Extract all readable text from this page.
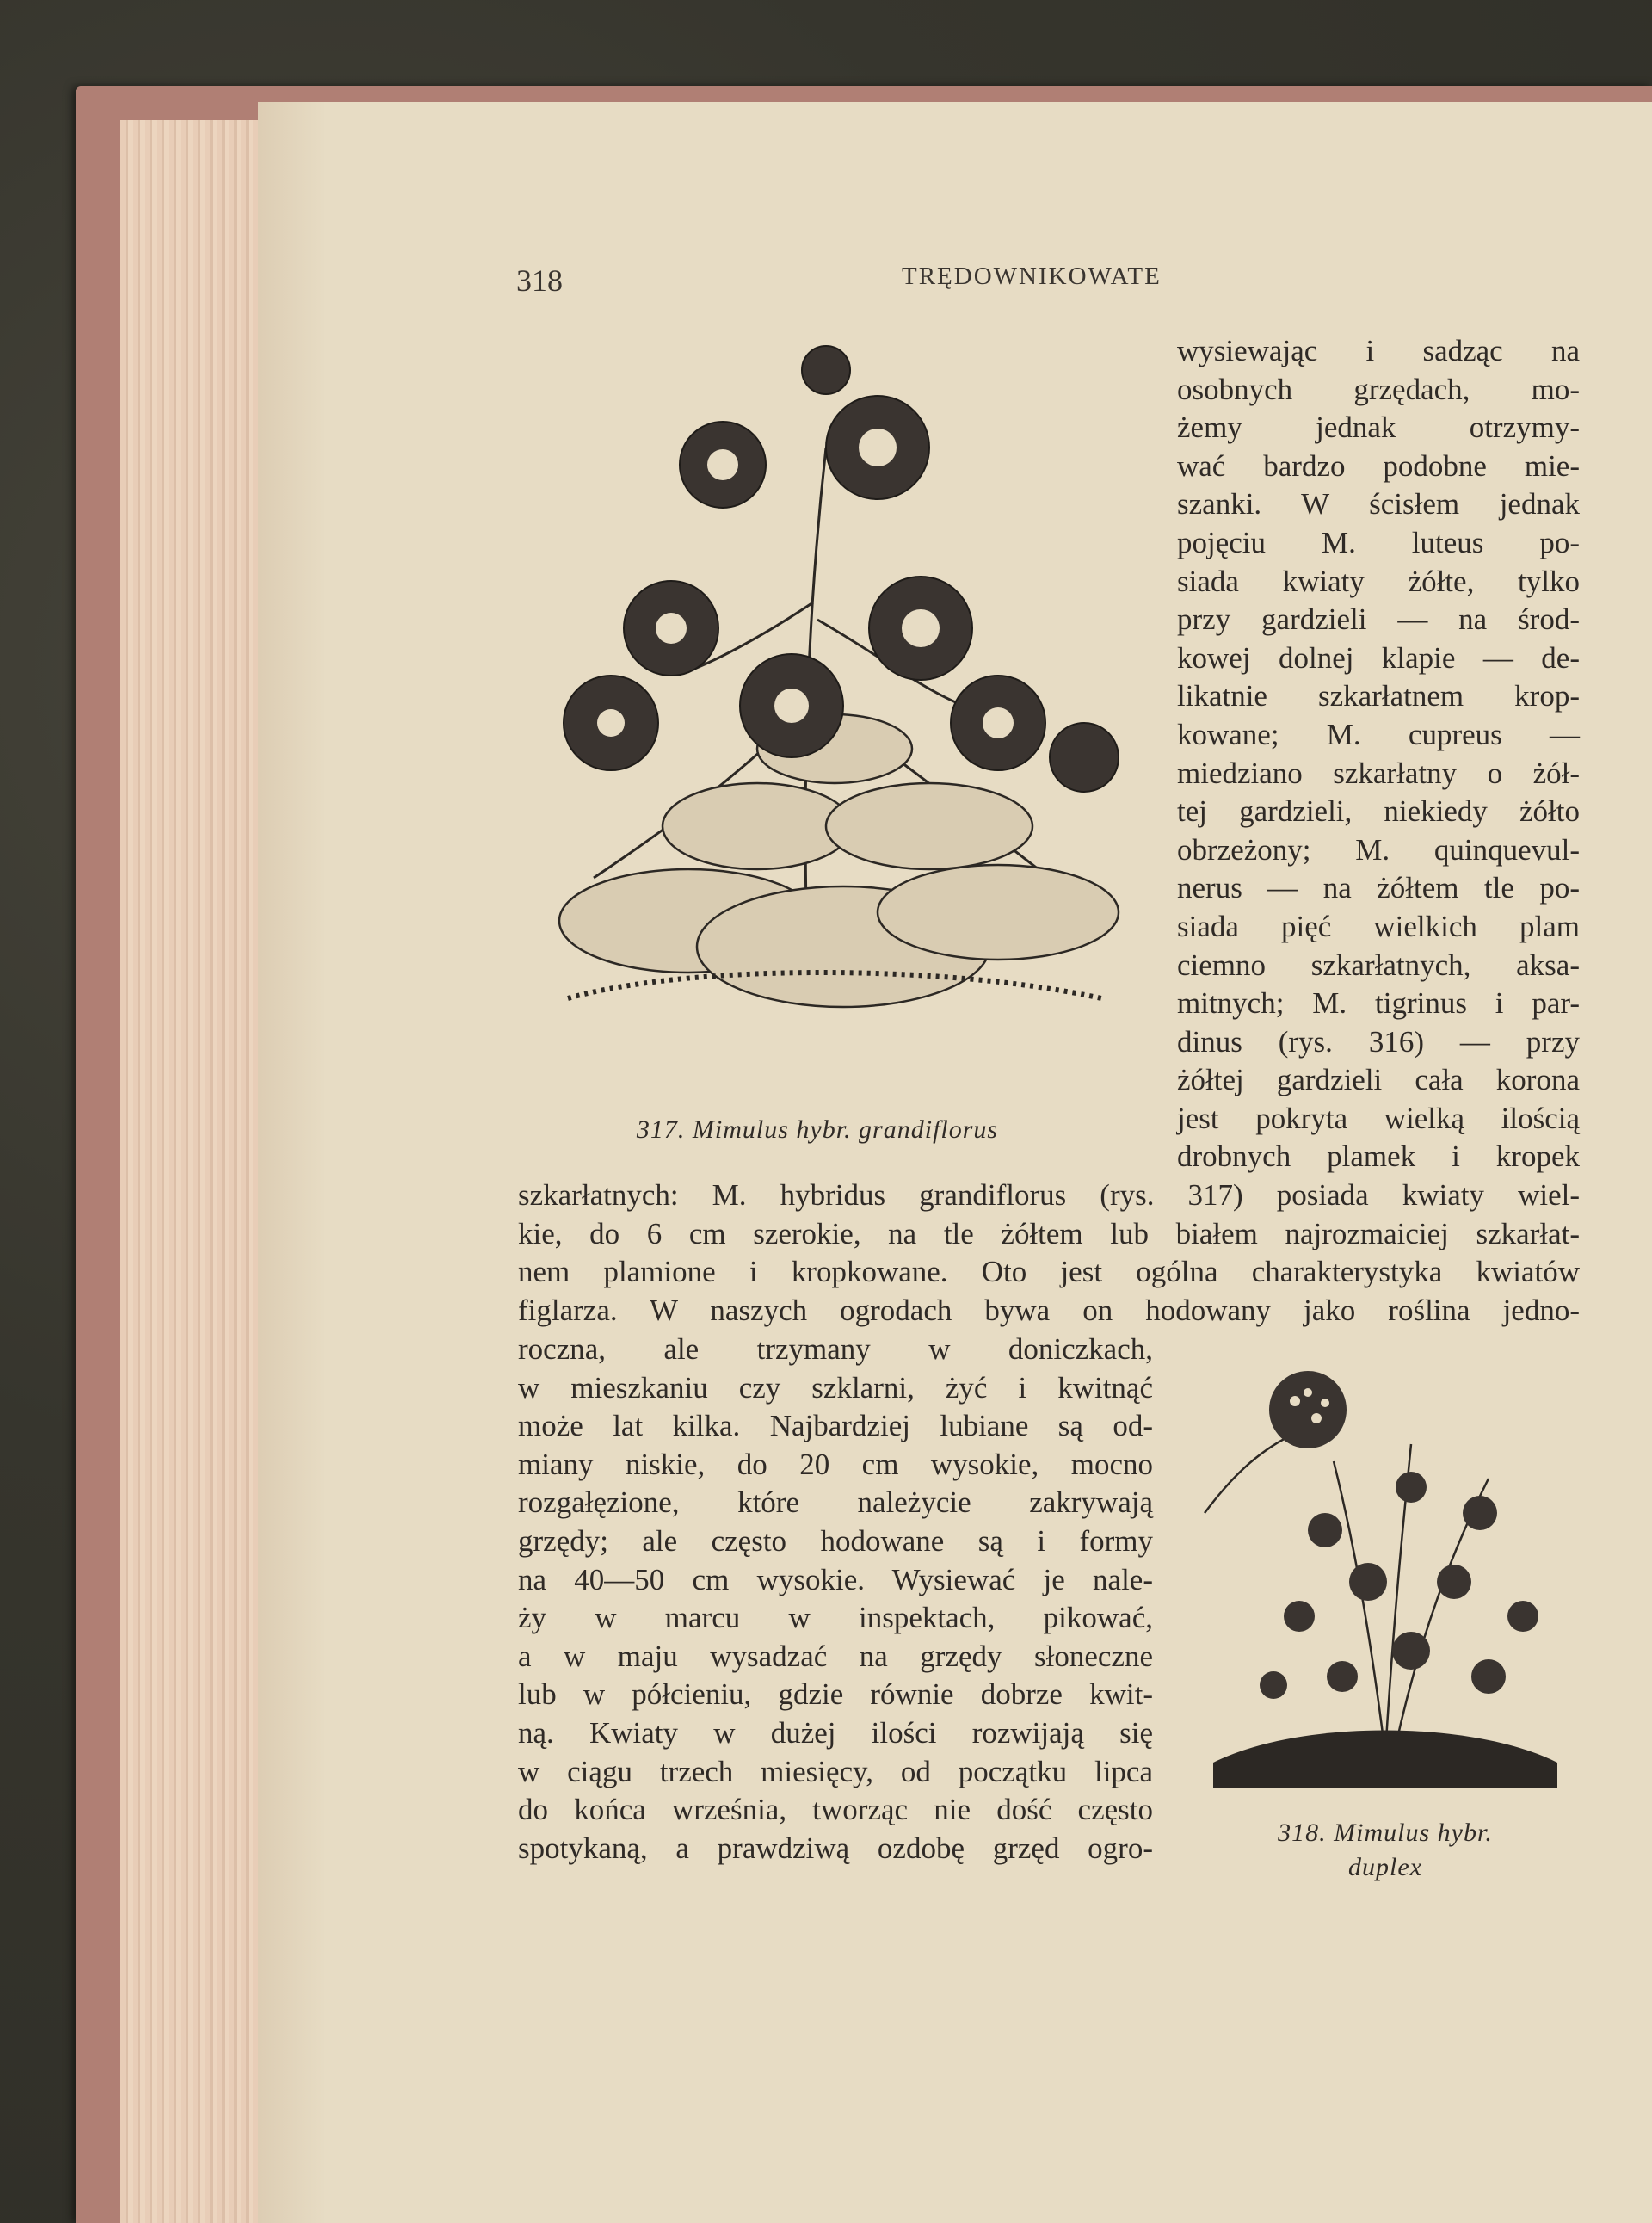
318	TRĘDOWNIKOWATE
317. Mimulus hybr. grandiflorus
318. Mimulus hybr.
duplex
wysiewając i sadząc na
osobnych grzędach, mo-
żemy jednak otrzymy-
wać bardzo podobne mie-
szanki. W ścisłem jednak
pojęciu M. luteus po-
siada kwiaty żółte, tylko
przy gardzieli — na środ-
kowej dolnej klapie — de-
likatnie szkarłatnem krop-
kowane; M. cupreus —
miedziano szkarłatny o żół-
tej gardzieli, niekiedy żółto
obrzeżony; M. quinquevul-
nerus — na żółtem tle po-
siada pięć wielkich plam
ciemno szkarłatnych, aksa-
mitnych; M. tigrinus i par-
dinus (rys. 316) — przy
żółtej gardzieli cała korona
jest pokryta wielką ilością
drobnych plamek i kropek
szkarłatnych: M. hybridus grandiflorus (rys. 317) posiada kwiaty wiel-
kie, do 6 cm szerokie, na tle żółtem lub białem najrozmaiciej szkarłat-
nem plamione i kropkowane. Oto jest ogólna charakterystyka kwiatów
figlarza. W naszych ogrodach bywa on hodowany jako roślina jedno-
roczna, ale trzymany w doniczkach,
w mieszkaniu czy szklarni, żyć i kwitnąć
może lat kilka. Najbardziej lubiane są od-
miany niskie, do 20 cm wysokie, mocno
rozgałęzione, które należycie zakrywają
grzędy; ale często hodowane są i formy
na 40—50 cm wysokie. Wysiewać je nale-
ży w marcu w inspektach, pikować,
a w maju wysadzać na grzędy słoneczne
lub w półcieniu, gdzie równie dobrze kwit-
ną. Kwiaty w dużej ilości rozwijają się
w ciągu trzech miesięcy, od początku lipca
do końca września, tworząc nie dość często
spotykaną, a prawdziwą ozdobę grzęd ogro-
